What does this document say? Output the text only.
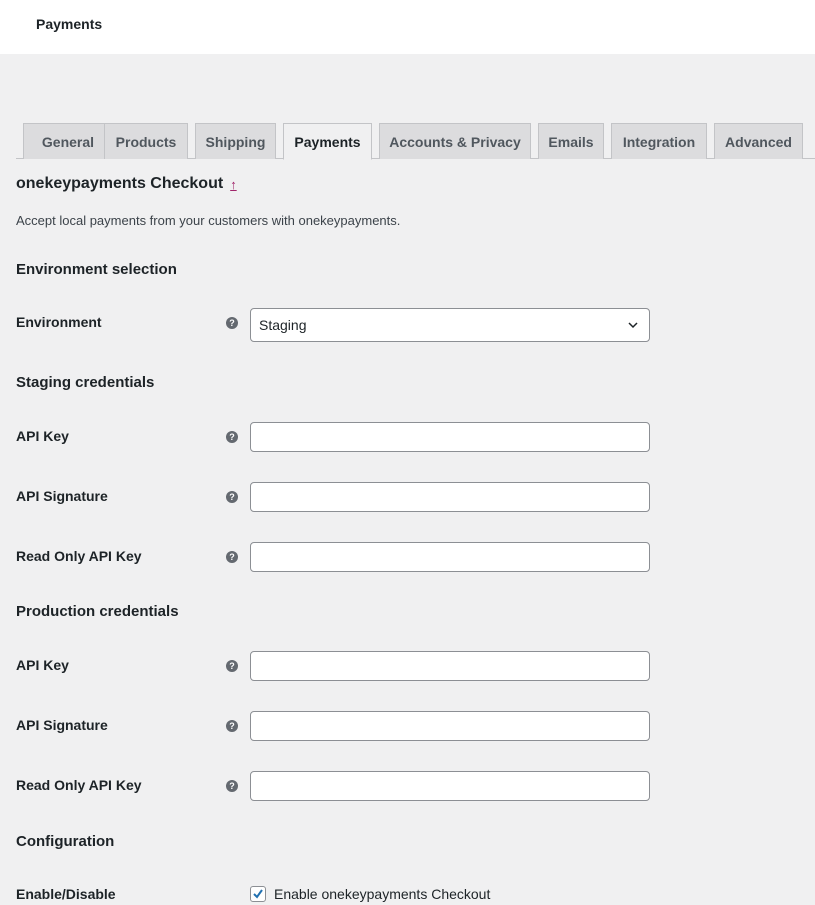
Payments
General	Products	Shipping	Payments	Accounts & Privacy	Emails	Integration	Advanced
onekeypayments Checkout ↑
Accept local payments from your customers with onekeypayments.
Environment selection
Environment	? Staging
Staging credentials
API Key	?
API Signature	?
Read Only API Key	?
Production credentials
API Key	?
API Signature	?
Read Only API Key	?
Configuration
Enable/Disable	Enable onekeypayments Checkout
